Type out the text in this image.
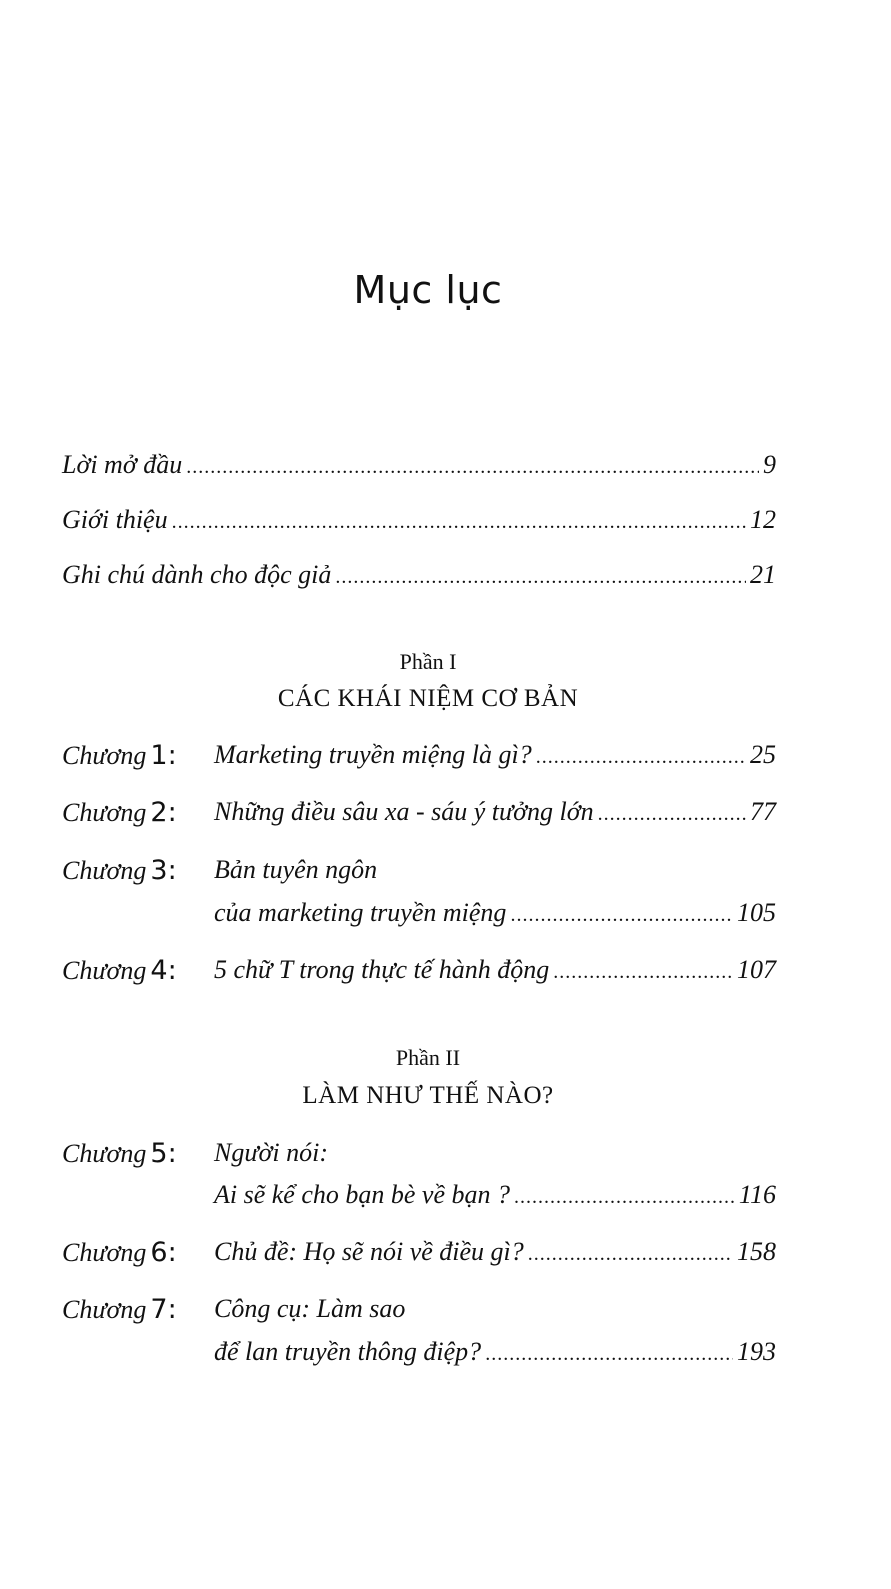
Mục lục
Lời mở đầu .....	9
Giới thiệu .....	12
Ghi chú dành cho độc giả .....	21
Phần I
CÁC KHÁI NIỆM CƠ BẢN
Chương 1: Marketing truyền miệng là gì? .....	25
Chương 2: Những điều sâu xa - sáu ý tưởng lớn .....	77
Chương 3: Bản tuyên ngôn
của marketing truyền miệng .....	105
Chương 4: 5 chữ T trong thực tế hành động .....	107
Phần II
LÀM NHƯ THẾ NÀO?
Chương 5: Người nói:
Ai sẽ kể cho bạn bè về bạn ? .....	116
Chương 6: Chủ đề: Họ sẽ nói về điều gì? .....	158
Chương 7: Công cụ: Làm sao
để lan truyền thông điệp? .....	193
